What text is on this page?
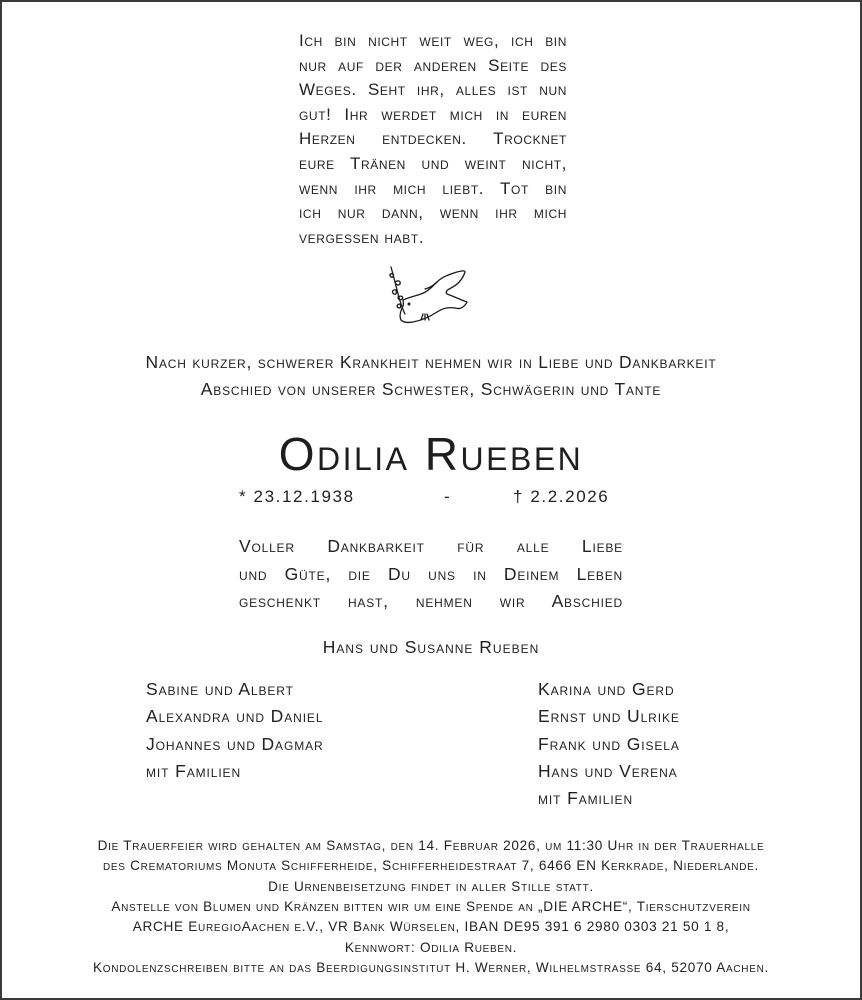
Ich bin nicht weit weg, ich bin
nur auf der anderen Seite des
Weges. Seht ihr, alles ist nun
gut! Ihr werdet mich in euren
Herzen entdecken. Trocknet
eure Tränen und weint nicht,
wenn ihr mich liebt. Tot bin
ich nur dann, wenn ihr mich
vergessen habt.
Nach kurzer, schwerer Krankheit nehmen wir in Liebe und Dankbarkeit
Abschied von unserer Schwester, Schwägerin und Tante
Odilia Rueben
* 23.12.1938	-	† 2.2.2026
Voller Dankbarkeit für alle Liebe
und Güte, die Du uns in Deinem Leben
geschenkt hast, nehmen wir Abschied
Hans und Susanne Rueben
Sabine und Albert
Alexandra und Daniel
Johannes und Dagmar
mit Familien
Karina und Gerd
Ernst und Ulrike
Frank und Gisela
Hans und Verena
mit Familien
Die Trauerfeier wird gehalten am Samstag, den 14. Februar 2026, um 11:30 Uhr in der Trauerhalle
des Crematoriums Monuta Schifferheide, Schifferheidestraat 7, 6466 EN Kerkrade, Niederlande.
Die Urnenbeisetzung findet in aller Stille statt.
Anstelle von Blumen und Kränzen bitten wir um eine Spende an „DIE ARCHE“, Tierschutzverein
ARCHE EuregioAachen e.V., VR Bank Würselen, IBAN DE95 391 6 2980 0303 21 50 1 8,
Kennwort: Odilia Rueben.
Kondolenzschreiben bitte an das Beerdigungsinstitut H. Werner, Wilhelmstrasse 64, 52070 Aachen.
